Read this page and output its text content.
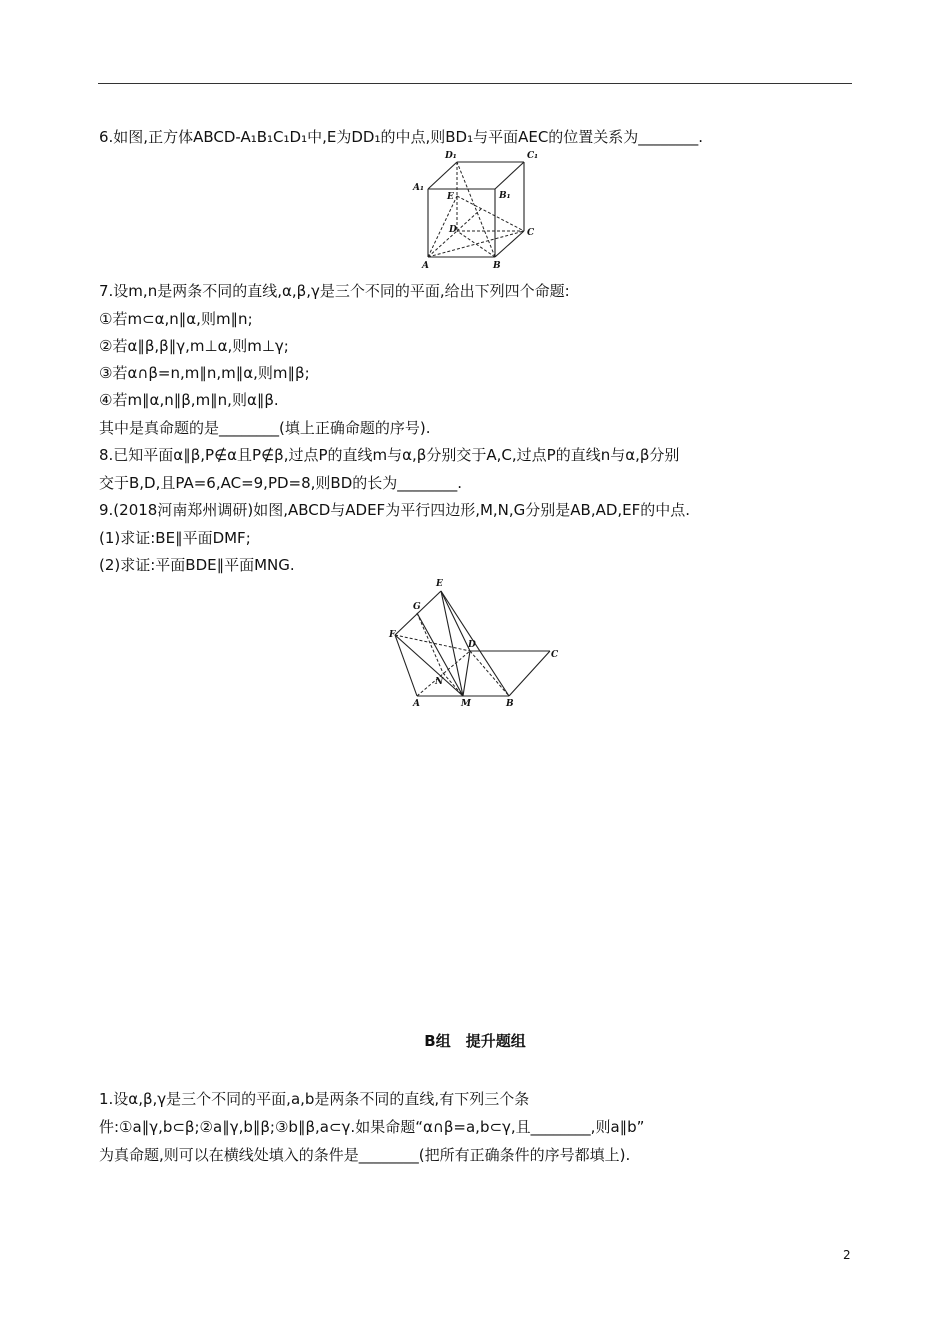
6.如图,正方体ABCD-A₁B₁C₁D₁中,E为DD₁的中点,则BD₁与平面AEC的位置关系为________.
D₁	C₁
A₁
B₁
E
D	C
A	B
7.设m,n是两条不同的直线,α,β,γ是三个不同的平面,给出下列四个命题:
①若m⊂α,n∥α,则m∥n;
②若α∥β,β∥γ,m⊥α,则m⊥γ;
③若α∩β=n,m∥n,m∥α,则m∥β;
④若m∥α,n∥β,m∥n,则α∥β.
其中是真命题的是________(填上正确命题的序号).
8.已知平面α∥β,P∉α且P∉β,过点P的直线m与α,β分别交于A,C,过点P的直线n与α,β分别
交于B,D,且PA=6,AC=9,PD=8,则BD的长为________.
9.(2018河南郑州调研)如图,ABCD与ADEF为平行四边形,M,N,G分别是AB,AD,EF的中点.
(1)求证:BE∥平面DMF;
(2)求证:平面BDE∥平面MNG.
E
G
F
D
C
N
A	M	B
B组　提升题组
1.设α,β,γ是三个不同的平面,a,b是两条不同的直线,有下列三个条
件:①a∥γ,b⊂β;②a∥γ,b∥β;③b∥β,a⊂γ.如果命题“α∩β=a,b⊂γ,且________,则a∥b”
为真命题,则可以在横线处填入的条件是________(把所有正确条件的序号都填上).
2
